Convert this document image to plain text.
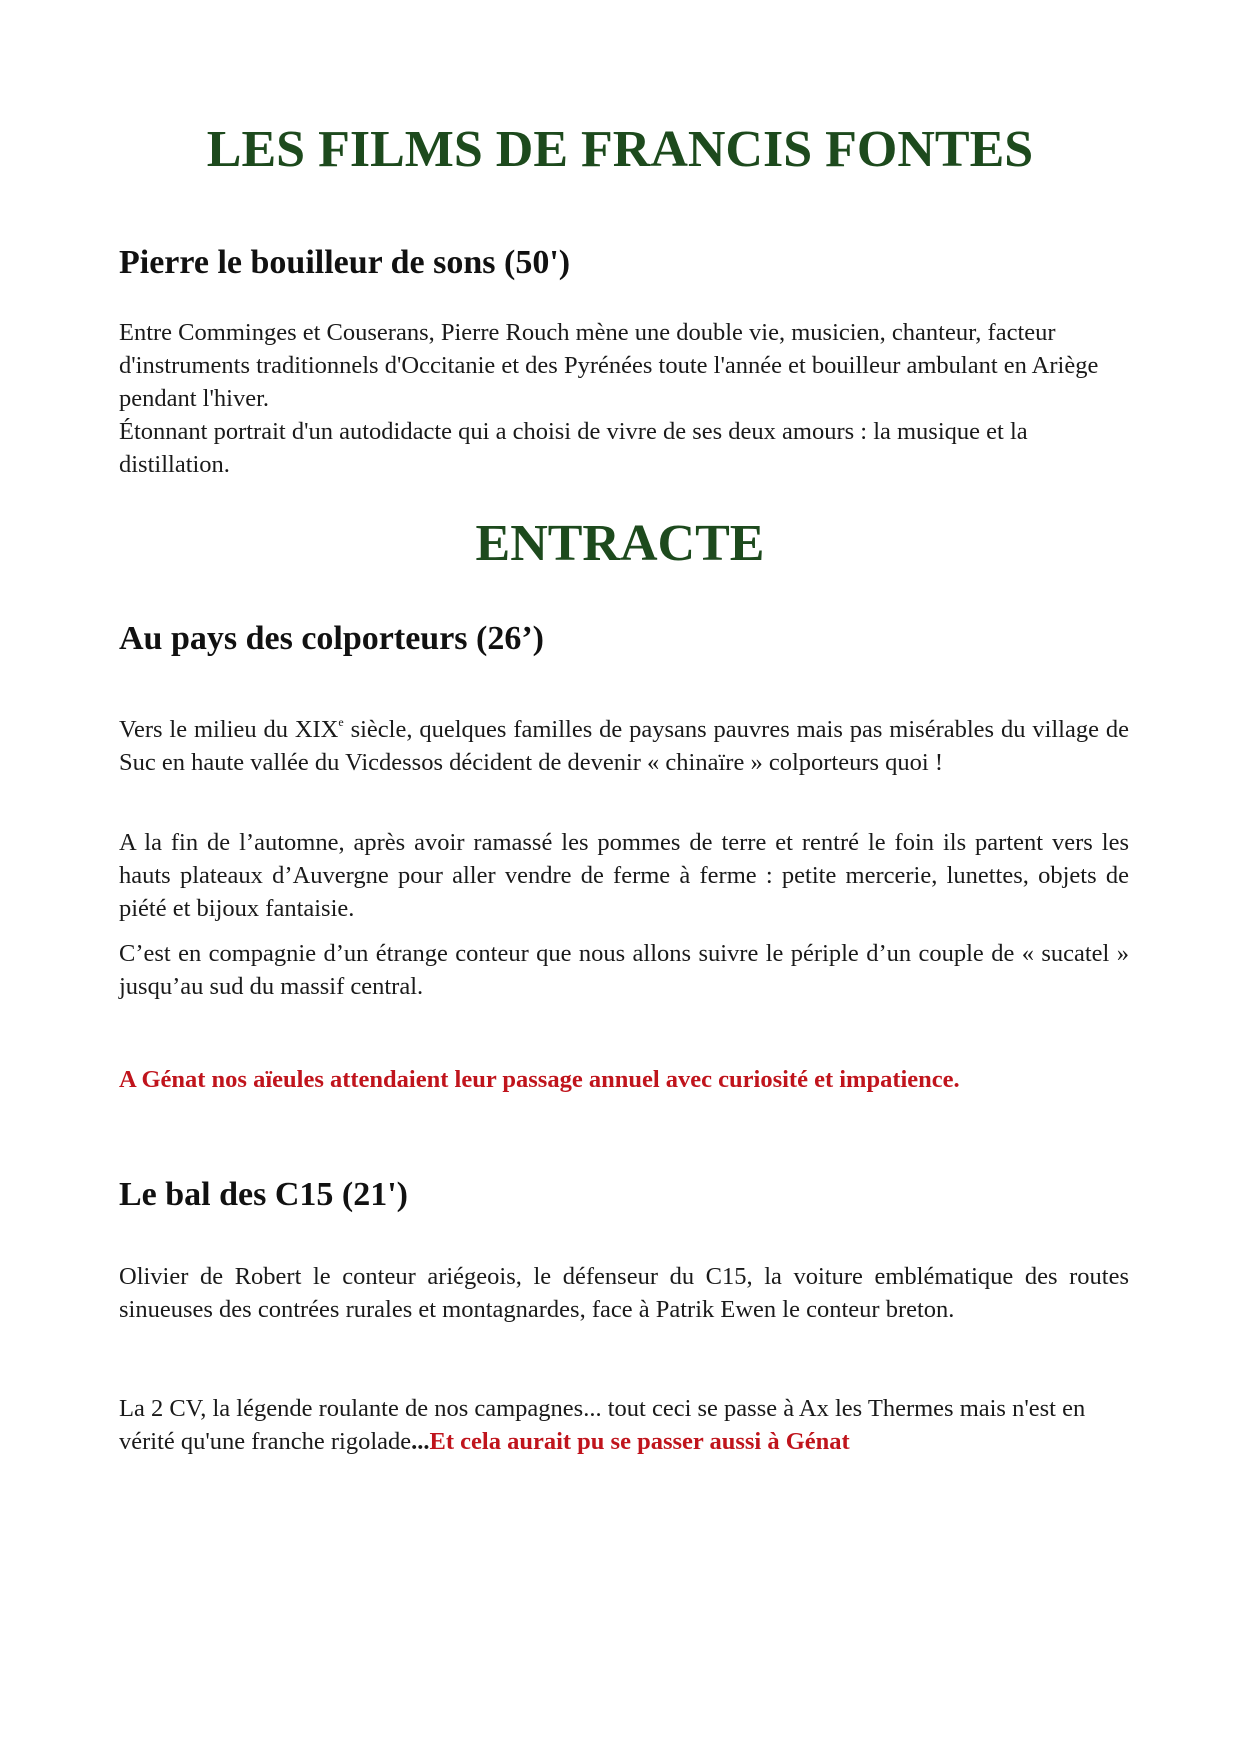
LES FILMS DE FRANCIS FONTES
Pierre le bouilleur de sons (50')

Entre Comminges et Couserans, Pierre Rouch mène une double vie, musicien, chanteur, facteur d'instruments traditionnels d'Occitanie et des Pyrénées toute l'année et bouilleur ambulant en Ariège pendant l'hiver.
Étonnant portrait d'un autodidacte qui a choisi de vivre de ses deux amours : la musique et la distillation.

ENTRACTE
Au pays des colporteurs (26’)

Vers le milieu du XIXe siècle, quelques familles de paysans pauvres mais pas misérables du village de Suc en haute vallée du Vicdessos décident de devenir « chinaïre » colporteurs quoi !

A la fin de l’automne, après avoir ramassé les pommes de terre et rentré le foin ils partent vers les hauts plateaux d’Auvergne pour aller vendre de ferme à ferme : petite mercerie, lunettes, objets de piété et bijoux fantaisie.

C’est en compagnie d’un étrange conteur que nous allons suivre le périple d’un couple de « sucatel » jusqu’au sud du massif central.

A Génat nos aïeules attendaient leur passage annuel avec curiosité et impatience.

Le bal des C15 (21')

Olivier de Robert le conteur ariégeois, le défenseur du C15, la voiture emblématique des routes sinueuses des contrées rurales et montagnardes, face à Patrik Ewen le conteur breton.

La 2 CV, la légende roulante de nos campagnes... tout ceci se passe à Ax les Thermes mais n'est en vérité qu'une franche rigolade...Et cela aurait pu se passer aussi à Génat
